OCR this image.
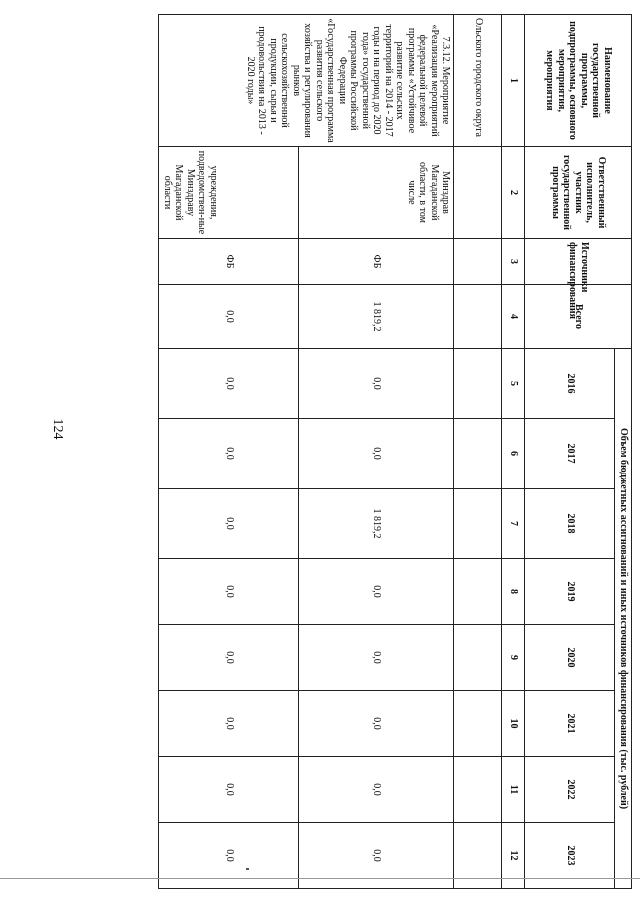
124
Наименование государственной программы, подпрограммы, основного мероприятия, мероприятия	Ответственный исполнитель, участник государственной программы	Источники финансирования	Всего	Объем бюджетных ассигнований и иных источников финансирования (тыс. рублей)							
				2016	2017	2018	2019	2020	2021	2022	2023
1	2	3	4	5	6	7	8	9	10	11	12
Ольского городского округа											
7.3.12. Мероприятие «Реализация мероприятий федеральной целевой программы «Устойчивое развитие сельских территорий на 2014 - 2017 годы и на период до 2020 года» государственной программы Российской Федерации «Государственная программа развития сельского хозяйства и регулирования рынков сельскохозяйственной продукции, сырья и продовольствия на 2013 - 2020 годы»	Минздрав Магаданской области, в том числе	ФБ	1 819,2	0,0	0,0	1 819,2	0,0	0,0	0,0	0,0	0,0
	учреждения, подведомствен-ные Минздраву Магаданской области	ФБ	0,0	0,0	0,0	0,0	0,0	0,0	0,0	0,0	0,0
